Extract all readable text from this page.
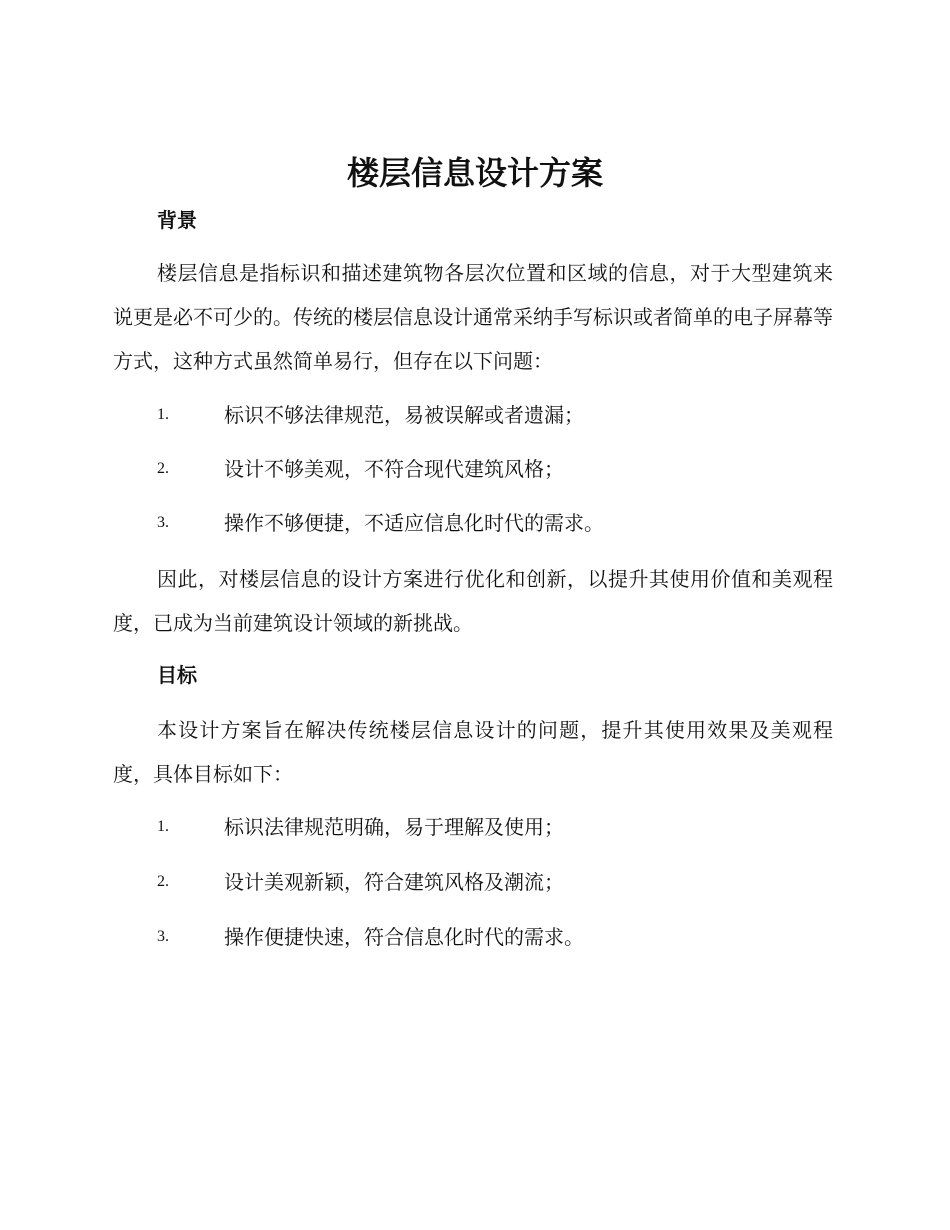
楼层信息设计方案
背景

楼层信息是指标识和描述建筑物各层次位置和区域的信息，对于大型建筑来说更是必不可少的。传统的楼层信息设计通常采纳手写标识或者简单的电子屏幕等方式，这种方式虽然简单易行，但存在以下问题：

1.	标识不够法律规范，易被误解或者遗漏；
2.	设计不够美观，不符合现代建筑风格；
3.	操作不够便捷，不适应信息化时代的需求。

因此，对楼层信息的设计方案进行优化和创新，以提升其使用价值和美观程度，已成为当前建筑设计领域的新挑战。

目标

本设计方案旨在解决传统楼层信息设计的问题，提升其使用效果及美观程度，具体目标如下：

1.	标识法律规范明确，易于理解及使用；
2.	设计美观新颖，符合建筑风格及潮流；
3.	操作便捷快速，符合信息化时代的需求。
